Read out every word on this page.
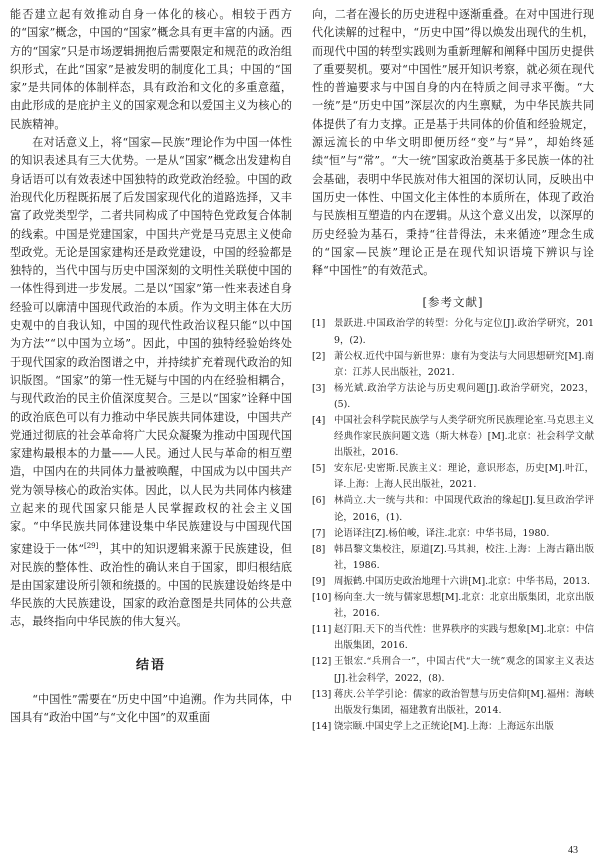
能否建立起有效推动自身一体化的核心。相较于西方的“国家”概念，中国的“国家”概念具有更丰富的内涵。西方的“国家”只是市场逻辑拥抱后需要限定和规范的政治组织形式，在此“国家”是被发明的制度化工具；中国的“国家”是共同体的体制样态，具有政治和文化的多重意蕴，由此形成的是庇护主义的国家观念和以爱国主义为核心的民族精神。

在对话意义上，将“国家—民族”理论作为中国一体性的知识表述具有三大优势。一是从“国家”概念出发建构自身话语可以有效表述中国独特的政党政治经验。中国的政治现代化历程既拓展了后发国家现代化的道路选择，又丰富了政党类型学，二者共同构成了中国特色党政复合体制的线索。中国是党建国家，中国共产党是马克思主义使命型政党。无论是国家建构还是政党建设，中国的经验都是独特的，当代中国与历史中国深刻的文明性关联使中国的一体性得到进一步发展。二是以“国家”第一性来表述自身经验可以廓清中国现代政治的本质。作为文明主体在大历史观中的自我认知，中国的现代性政治议程只能“以中国为方法”“以中国为立场”。因此，中国的独特经验始终处于现代国家的政治图谱之中，并持续扩充着现代政治的知识版图。“国家”的第一性无疑与中国的内在经验相耦合，与现代政治的民主价值深度契合。三是以“国家”诠释中国的政治底色可以有力推动中华民族共同体建设，中国共产党通过彻底的社会革命将广大民众凝聚为推动中国现代国家建构最根本的力量——人民。通过人民与革命的相互塑造，中国内在的共同体力量被唤醒，中国成为以中国共产党为领导核心的政治实体。因此，以人民为共同体内核建立起来的现代国家只能是人民掌握政权的社会主义国家。“中华民族共同体建设集中华民族建设与中国现代国家建设于一体”[29]，其中的知识逻辑来源于民族建设，但对民族的整体性、政治性的确认来自于国家，即归根结底是由国家建设所引领和统摄的。中国的民族建设始终是中华民族的大民族建设，国家的政治意图是共同体的公共意志，最终指向中华民族的伟大复兴。

结语

“中国性”需要在“历史中国”中追溯。作为共同体，中国具有“政治中国”与“文化中国”的双重面

向，二者在漫长的历史进程中逐渐重叠。在对中国进行现代化读解的过程中，“历史中国”得以焕发出现代的生机，而现代中国的转型实践则为重新理解和阐释中国历史提供了重要契机。要对“中国性”展开知识考察，就必须在现代性的普遍要求与中国自身的内在特质之间寻求平衡。“大一统”是“历史中国”深层次的内生禀赋，为中华民族共同体提供了有力支撑。正是基于共同体的价值和经验规定，源远流长的中华文明即便历经“变”与“异”，却始终延续“恒”与“常”。“大一统”国家政治奠基于多民族一体的社会基础，表明中华民族对伟大祖国的深切认同，反映出中国历史一体性、中国文化主体性的本质所在，体现了政治与民族相互塑造的内在逻辑。从这个意义出发，以深厚的历史经验为基石，秉持“往昔得法，未来循迹”理念生成的“国家—民族”理论正是在现代知识语境下辨识与诠释“中国性”的有效范式。

[参考文献]
[1] 景跃进.中国政治学的转型：分化与定位[J].政治学研究，2019，(2).
[2] 萧公权.近代中国与新世界：康有为变法与大同思想研究[M].南京：江苏人民出版社，2021.
[3] 杨光斌.政治学方法论与历史观问题[J].政治学研究，2023，(5).
[4] 中国社会科学院民族学与人类学研究所民族理论室.马克思主义经典作家民族问题文选（斯大林卷）[M].北京：社会科学文献出版社，2016.
[5] 安东尼·史密斯.民族主义：理论，意识形态，历史[M].叶江，译.上海：上海人民出版社，2021.
[6] 林尚立.大一统与共和：中国现代政治的缘起[J].复旦政治学评论，2016，(1).
[7] 论语译注[Z].杨伯峻，译注.北京：中华书局，1980.
[8] 韩昌黎文集校注，原道[Z].马其昶，校注.上海：上海古籍出版社，1986.
[9] 周振鹤.中国历史政治地理十六讲[M].北京：中华书局，2013.
[10] 杨向奎.大一统与儒家思想[M].北京：北京出版集团，北京出版社，2016.
[11] 赵汀阳.天下的当代性：世界秩序的实践与想象[M].北京：中信出版集团，2016.
[12] 王银宏.“兵刑合一”，中国古代“大一统”观念的国家主义表达[J].社会科学，2022，(8).
[13] 蒋庆.公羊学引论：儒家的政治智慧与历史信仰[M].福州：海峡出版发行集团，福建教育出版社，2014.
[14] 饶宗颐.中国史学上之正统论[M].上海：上海远东出版
43
